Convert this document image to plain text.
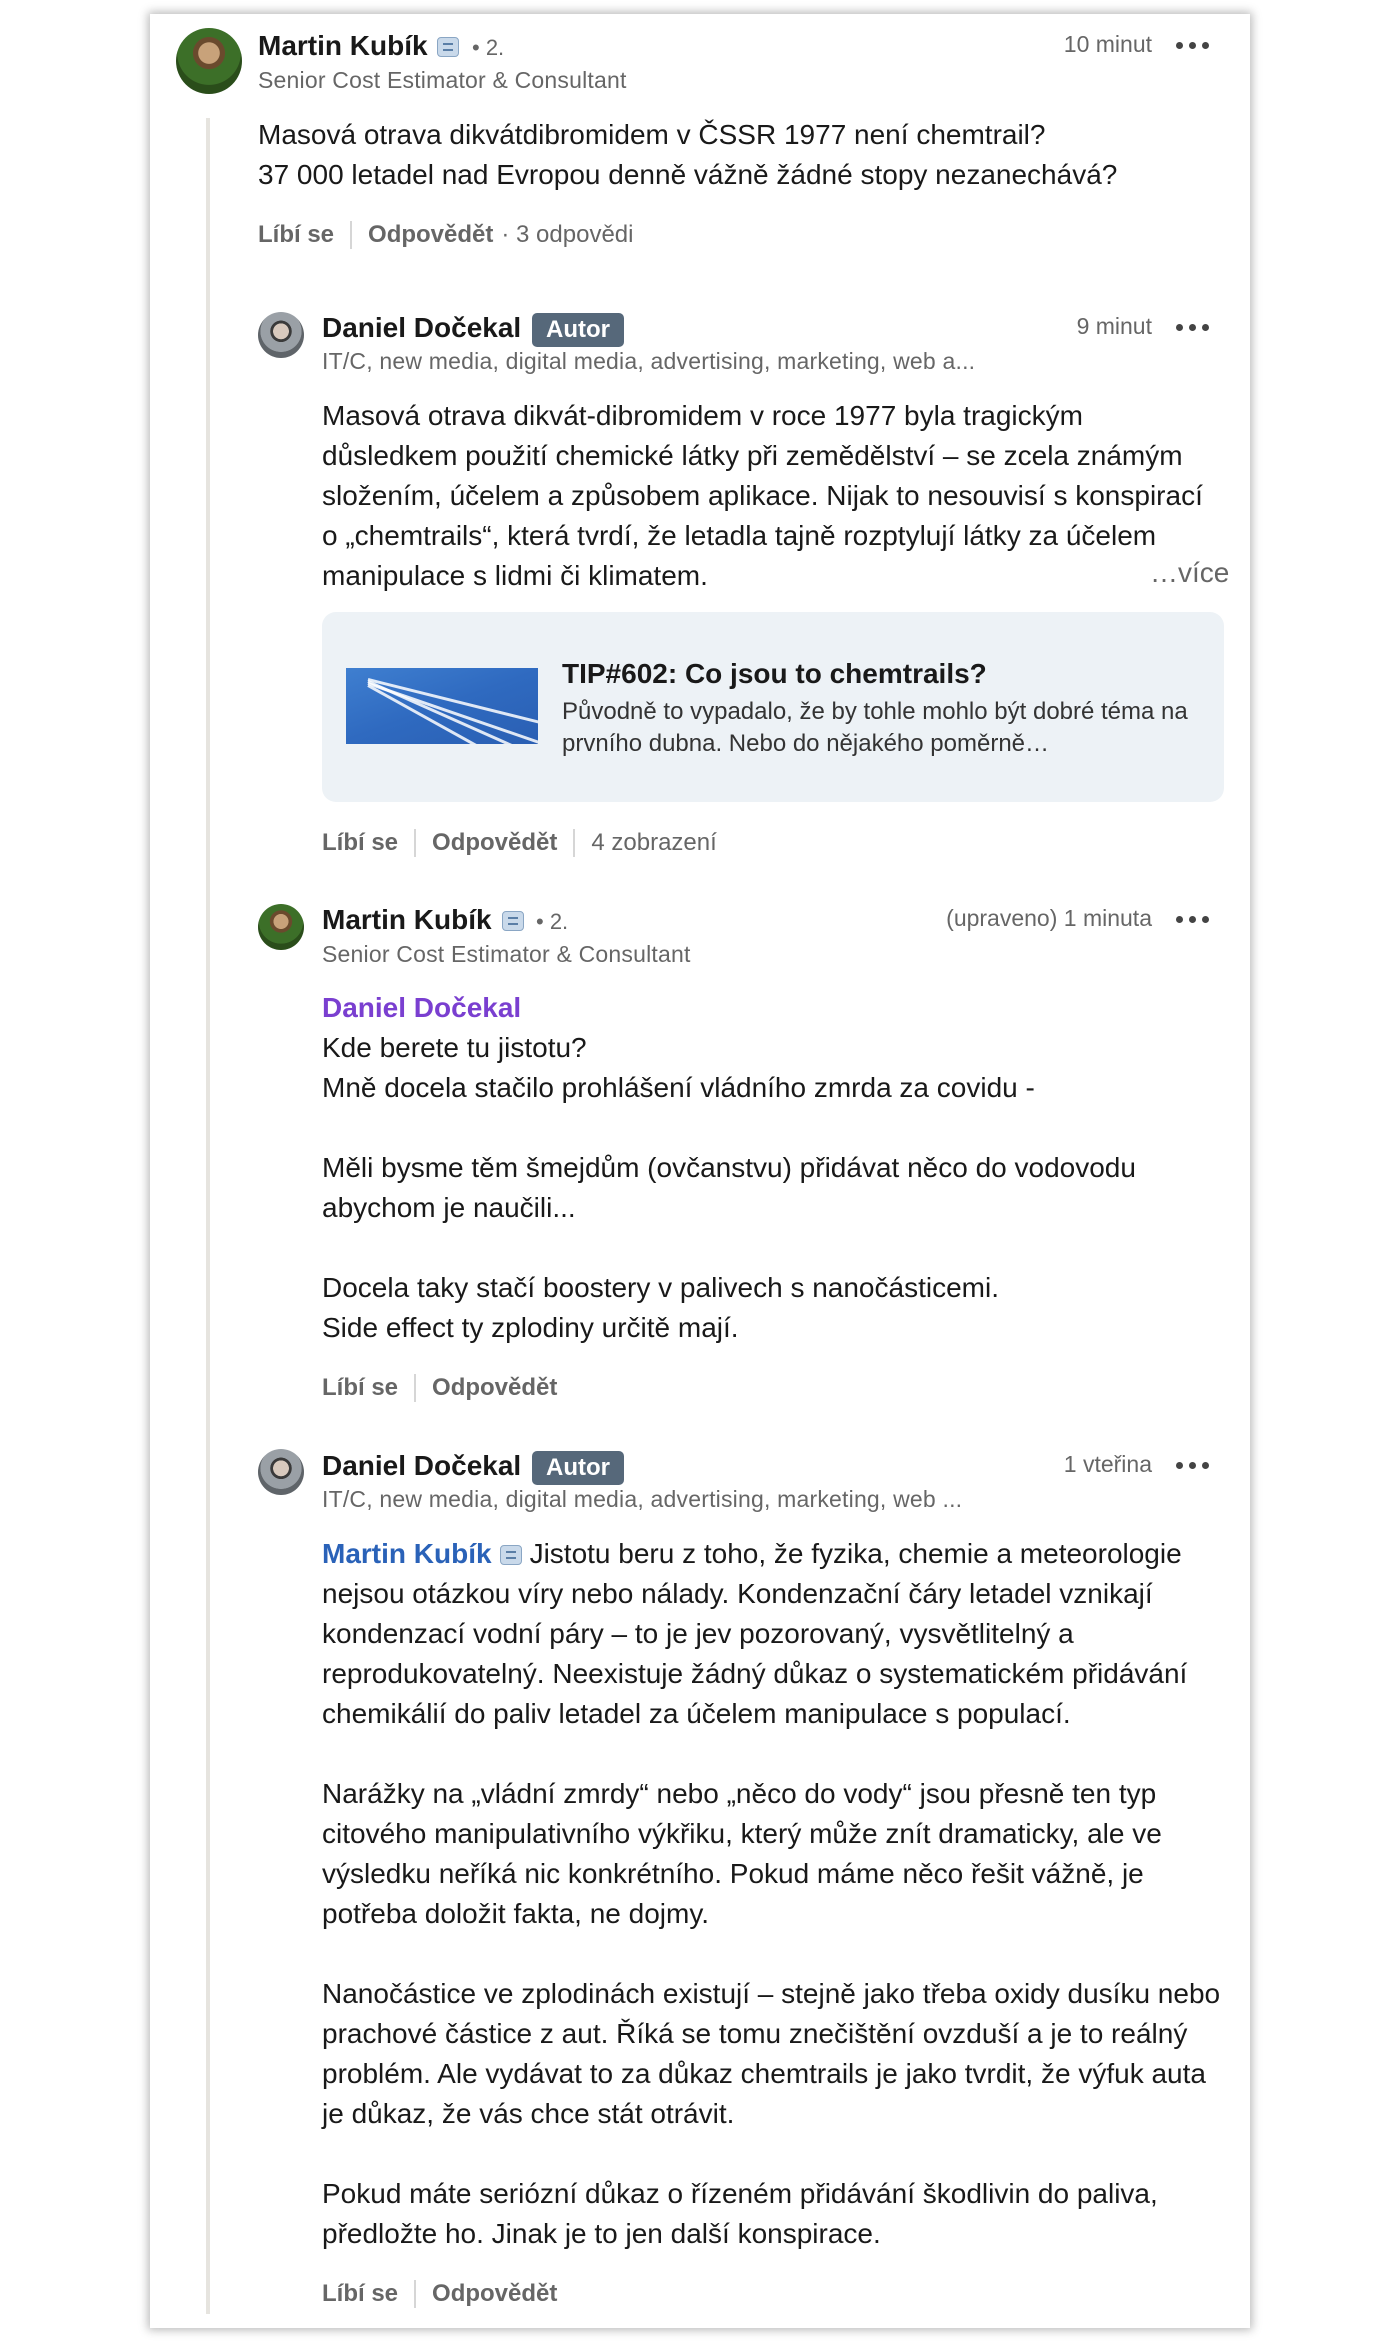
Martin Kubík • 2.
Senior Cost Estimator & Consultant
10 minut
Masová otrava dikvátdibromidem v ČSSR 1977 není chemtrail?
37 000 letadel nad Evropou denně vážně žádné stopy nezanechává?
Líbí se Odpovědět · 3 odpovědi
Daniel Dočekal	Autor
IT/C, new media, digital media, advertising, marketing, web a...
9 minut
Masová otrava dikvát-dibromidem v roce 1977 byla tragickým důsledkem použití chemické látky při zemědělství – se zcela známým složením, účelem a způsobem aplikace. Nijak to nesouvisí s konspirací o „chemtrails“, která tvrdí, že letadla tajně rozptylují látky za účelem manipulace s lidmi či klimatem.	…více
TIP#602: Co jsou to chemtrails?
Původně to vypadalo, že by tohle mohlo být dobré téma na prvního dubna. Nebo do nějakého poměrně…
Líbí se Odpovědět 4 zobrazení
Martin Kubík • 2.
Senior Cost Estimator & Consultant
(upraveno) 1 minuta
Daniel Dočekal
Kde berete tu jistotu?
Mně docela stačilo prohlášení vládního zmrda za covidu -

Měli bysme těm šmejdům (ovčanstvu) přidávat něco do vodovodu
abychom je naučili...

Docela taky stačí boostery v palivech s nanočásticemi.
Side effect ty zplodiny určitě mají.
Líbí se Odpovědět
Daniel Dočekal	Autor
IT/C, new media, digital media, advertising, marketing, web ...
1 vteřina
Martin Kubík Jistotu beru z toho, že fyzika, chemie a meteorologie nejsou otázkou víry nebo nálady. Kondenzační čáry letadel vznikají kondenzací vodní páry – to je jev pozorovaný, vysvětlitelný a reprodukovatelný. Neexistuje žádný důkaz o systematickém přidávání chemikálií do paliv letadel za účelem manipulace s populací.
Narážky na „vládní zmrdy“ nebo „něco do vody“ jsou přesně ten typ citového manipulativního výkřiku, který může znít dramaticky, ale ve výsledku neříká nic konkrétního. Pokud máme něco řešit vážně, je potřeba doložit fakta, ne dojmy.

Nanočástice ve zplodinách existují – stejně jako třeba oxidy dusíku nebo prachové částice z aut. Říká se tomu znečištění ovzduší a je to reálný problém. Ale vydávat to za důkaz chemtrails je jako tvrdit, že výfuk auta je důkaz, že vás chce stát otrávit.

Pokud máte seriózní důkaz o řízeném přidávání škodlivin do paliva, předložte ho. Jinak je to jen další konspirace.
Líbí se Odpovědět
